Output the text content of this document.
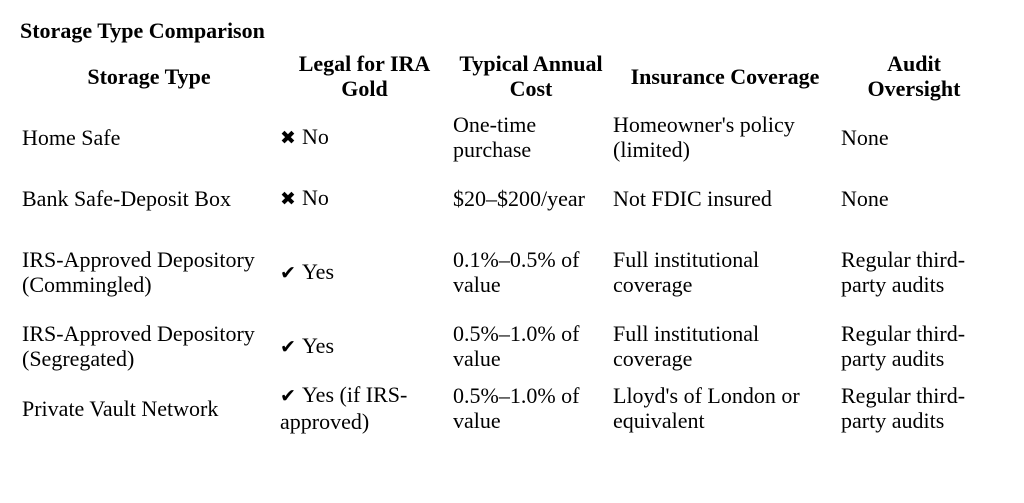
Storage Type Comparison
Storage Type	Legal for IRA Gold	Typical Annual Cost	Insurance Coverage	Audit Oversight
Home Safe	✖ No	One-time purchase	Homeowner's policy (limited)	None
Bank Safe-Deposit Box	✖ No	$20–$200/year	Not FDIC insured	None
IRS-Approved Depository (Commingled)	✔ Yes	0.1%–0.5% of value	Full institutional coverage	Regular third-party audits
IRS-Approved Depository (Segregated)	✔ Yes	0.5%–1.0% of value	Full institutional coverage	Regular third-party audits
Private Vault Network	✔ Yes (if IRS-approved)	0.5%–1.0% of value	Lloyd's of London or equivalent	Regular third-party audits
